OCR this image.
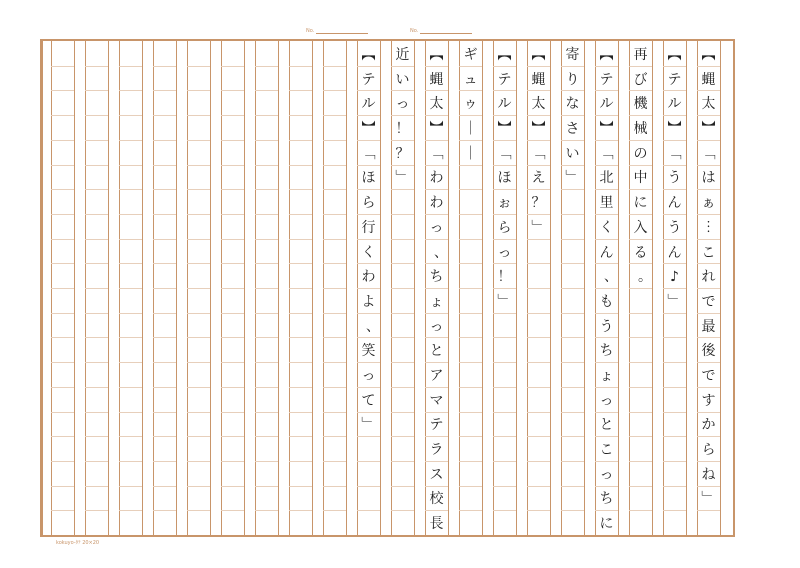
No.	No.
︻
蝿
太
︼
﹁
は
ぁ
︙
こ
れ
で
最
後
で
す
か
ら
ね
﹂
︻
テ
ル
︼
﹁
う
ん
う
ん
♪
﹂
再
び
機
械
の
中
に
入
る
。
︻
テ
ル
︼
﹁
北
里
く
ん
、
も
う
ち
ょ
っ
と
こ
っ
ち
に
寄
り
な
さ
い
﹂
︻
蝿
太
︼
﹁
え
？
﹂
︻
テ
ル
︼
﹁
ほ
ぉ
ら
っ
！
﹂
ギ
ュ
ゥ
｜
｜
︻
蝿
太
︼
﹁
わ
わ
っ
、
ち
ょ
っ
と
ア
マ
テ
ラ
ス
校
長
近
い
っ
！
？
﹂
︻
テ
ル
︼
﹁
ほ
ら
行
く
わ
よ
、
笑
っ
て
﹂
kokuyo-ﾀﾃ 20×20
